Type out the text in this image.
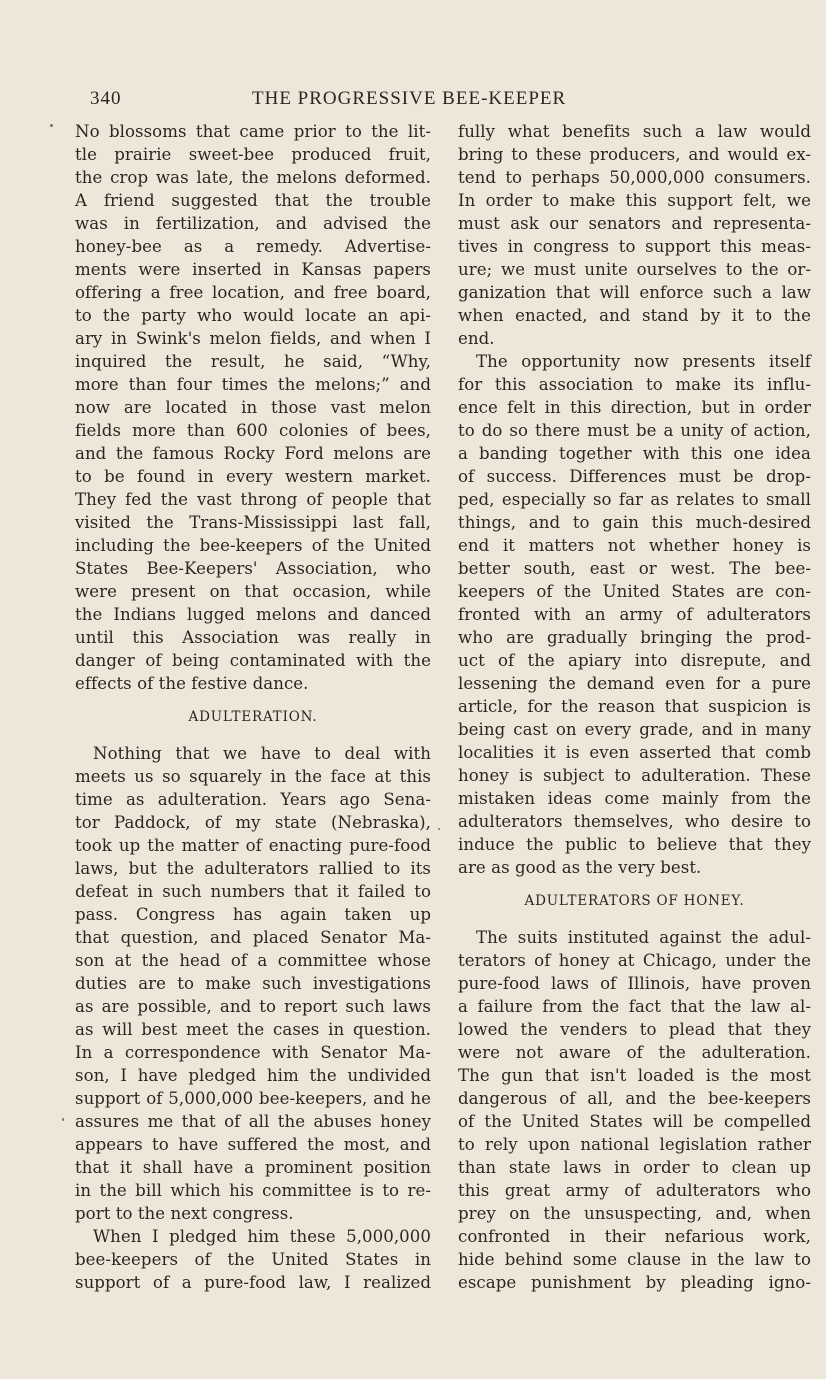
340	THE PROGRESSIVE BEE-KEEPER
No blossoms that came prior to the lit-
tle prairie sweet-bee produced fruit,
the crop was late, the melons deformed.
A friend suggested that the trouble
was in fertilization, and advised the
honey-bee as a remedy. Advertise-
ments were inserted in Kansas papers
offering a free location, and free board,
to the party who would locate an api-
ary in Swink's melon fields, and when I
inquired the result, he said, “Why,
more than four times the melons;” and
now are located in those vast melon
fields more than 600 colonies of bees,
and the famous Rocky Ford melons are
to be found in every western market.
They fed the vast throng of people that
visited the Trans-Mississippi last fall,
including the bee-keepers of the United
States Bee-Keepers' Association, who
were present on that occasion, while
the Indians lugged melons and danced
until this Association was really in
danger of being contaminated with the
effects of the festive dance.
ADULTERATION.
Nothing that we have to deal with
meets us so squarely in the face at this
time as adulteration. Years ago Sena-
tor Paddock, of my state (Nebraska),
took up the matter of enacting pure-food
laws, but the adulterators rallied to its
defeat in such numbers that it failed to
pass. Congress has again taken up
that question, and placed Senator Ma-
son at the head of a committee whose
duties are to make such investigations
as are possible, and to report such laws
as will best meet the cases in question.
In a correspondence with Senator Ma-
son, I have pledged him the undivided
support of 5,000,000 bee-keepers, and he
assures me that of all the abuses honey
appears to have suffered the most, and
that it shall have a prominent position
in the bill which his committee is to re-
port to the next congress.
When I pledged him these 5,000,000
bee-keepers of the United States in
support of a pure-food law, I realized
fully what benefits such a law would
bring to these producers, and would ex-
tend to perhaps 50,000,000 consumers.
In order to make this support felt, we
must ask our senators and representa-
tives in congress to support this meas-
ure; we must unite ourselves to the or-
ganization that will enforce such a law
when enacted, and stand by it to the
end.
The opportunity now presents itself
for this association to make its influ-
ence felt in this direction, but in order
to do so there must be a unity of action,
a banding together with this one idea
of success. Differences must be drop-
ped, especially so far as relates to small
things, and to gain this much-desired
end it matters not whether honey is
better south, east or west. The bee-
keepers of the United States are con-
fronted with an army of adulterators
who are gradually bringing the prod-
uct of the apiary into disrepute, and
lessening the demand even for a pure
article, for the reason that suspicion is
being cast on every grade, and in many
localities it is even asserted that comb
honey is subject to adulteration. These
mistaken ideas come mainly from the
adulterators themselves, who desire to
induce the public to believe that they
are as good as the very best.
ADULTERATORS OF HONEY.
The suits instituted against the adul-
terators of honey at Chicago, under the
pure-food laws of Illinois, have proven
a failure from the fact that the law al-
lowed the venders to plead that they
were not aware of the adulteration.
The gun that isn't loaded is the most
dangerous of all, and the bee-keepers
of the United States will be compelled
to rely upon national legislation rather
than state laws in order to clean up
this great army of adulterators who
prey on the unsuspecting, and, when
confronted in their nefarious work,
hide behind some clause in the law to
escape punishment by pleading igno-
